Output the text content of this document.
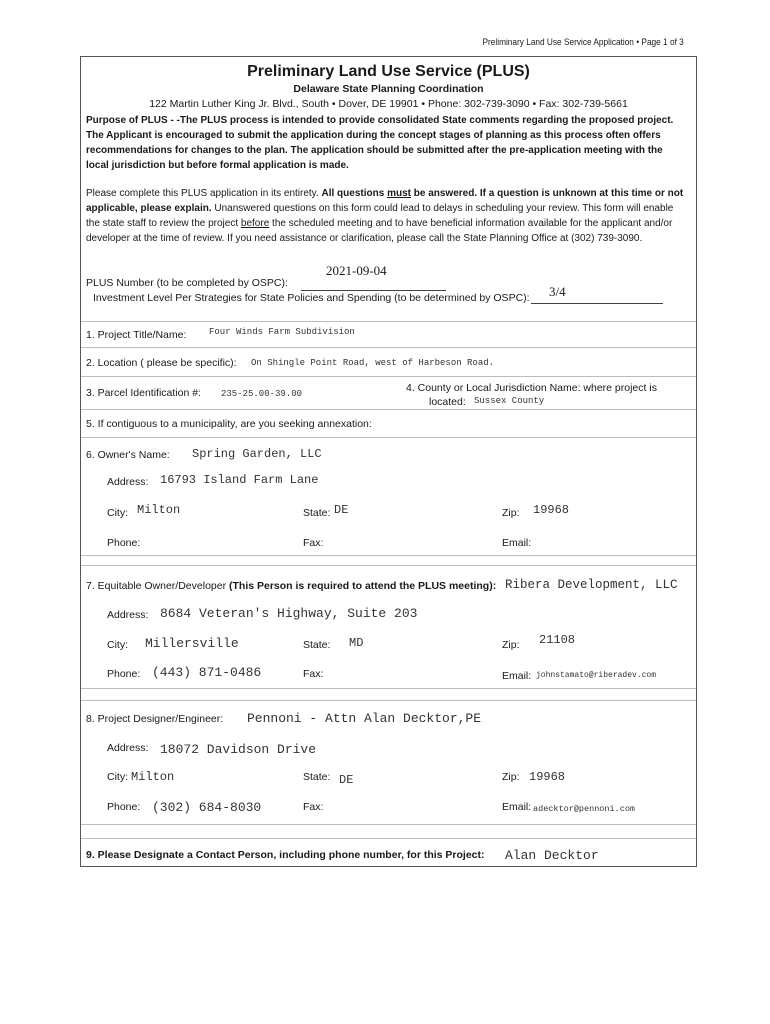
Preliminary Land Use Service Application • Page 1 of 3
Preliminary Land Use Service (PLUS)
Delaware State Planning Coordination
122 Martin Luther King Jr. Blvd., South • Dover, DE 19901 • Phone: 302-739-3090 • Fax: 302-739-5661
Purpose of PLUS - -The PLUS process is intended to provide consolidated State comments regarding the proposed project. The Applicant is encouraged to submit the application during the concept stages of planning as this process often offers recommendations for changes to the plan. The application should be submitted after the pre-application meeting with the local jurisdiction but before formal application is made.
Please complete this PLUS application in its entirety. All questions must be answered. If a question is unknown at this time or not applicable, please explain. Unanswered questions on this form could lead to delays in scheduling your review. This form will enable the state staff to review the project before the scheduled meeting and to have beneficial information available for the applicant and/or developer at the time of review. If you need assistance or clarification, please call the State Planning Office at (302) 739-3090.
PLUS Number (to be completed by OSPC):
2021-09-04
Investment Level Per Strategies for State Policies and Spending (to be determined by OSPC): 3/4
1. Project Title/Name:	Four Winds Farm Subdivision
2. Location ( please be specific): On Shingle Point Road, west of Harbeson Road.
3. Parcel Identification #: 235-25.00-39.00	4. County or Local Jurisdiction Name: where project is
located: Sussex County
5. If contiguous to a municipality, are you seeking annexation:
6. Owner's Name: Spring Garden, LLC
Address: 16793 Island Farm Lane
City: Milton	State: DE	Zip: 19968
Phone:	Fax:	Email:
7. Equitable Owner/Developer (This Person is required to attend the PLUS meeting): Ribera Development, LLC
Address: 8684 Veteran's Highway, Suite 203
City: Millersville	State: MD	Zip: 21108
Phone: (443) 871-0486	Fax:	Email: johnstamato@riberadev.com
8. Project Designer/Engineer: Pennoni - Attn Alan Decktor,PE
Address: 18072 Davidson Drive
City: Milton	State: DE	Zip: 19968
Phone: (302) 684-8030	Fax:	Email: adecktor@pennoni.com
9. Please Designate a Contact Person, including phone number, for this Project: Alan Decktor
